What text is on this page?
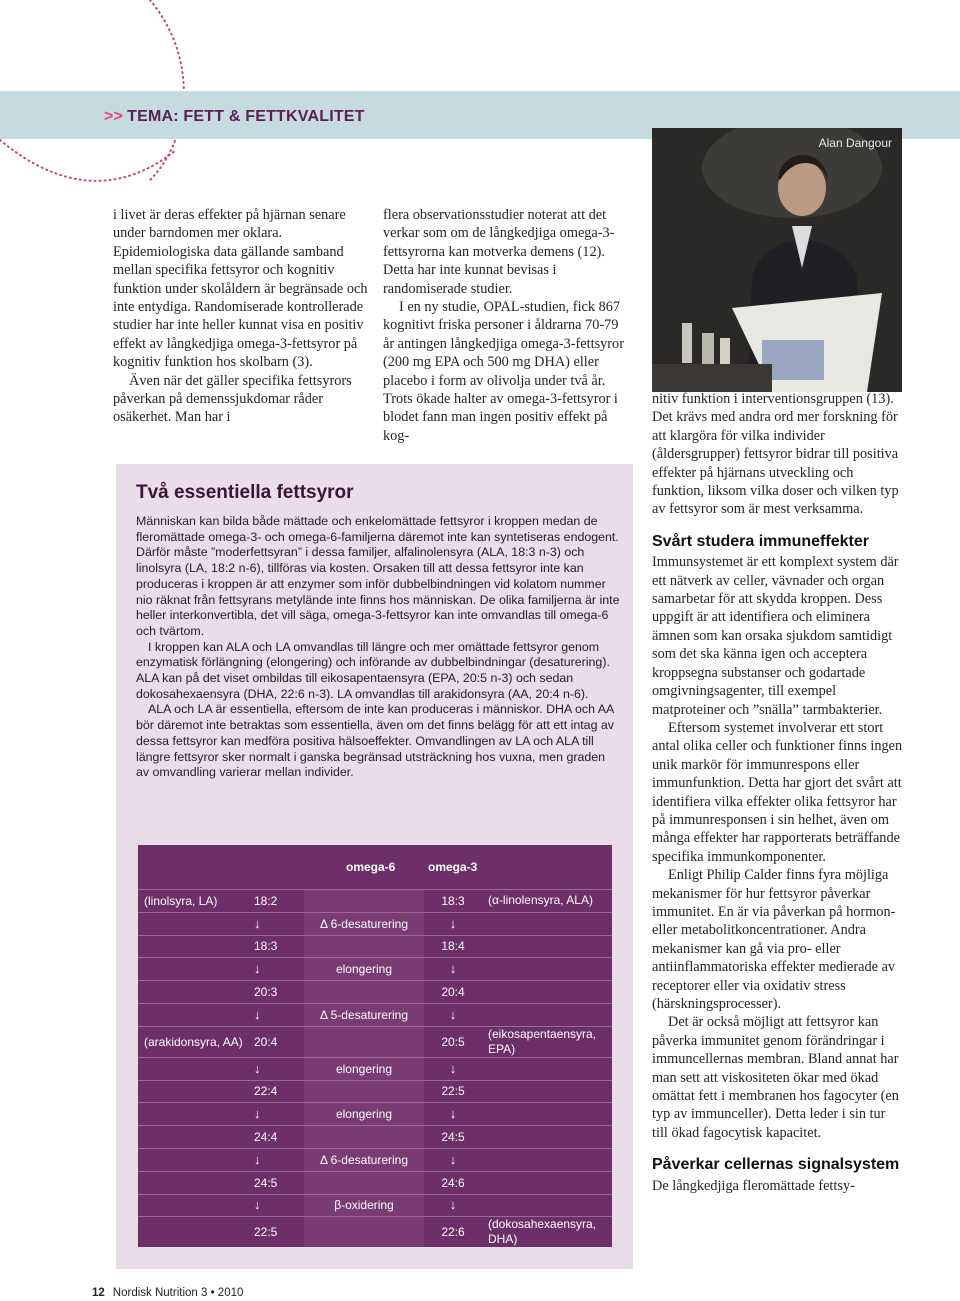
>> TEMA: FETT & FETTKVALITET
Alan Dangour

i livet är deras effekter på hjärnan senare under barndomen mer oklara. Epidemiologiska data gällande samband mellan specifika fettsyror och kognitiv funktion under skolåldern är begränsade och inte entydiga. Randomiserade kontrollerade studier har inte heller kunnat visa en positiv effekt av långkedjiga omega-3-fettsyror på kognitiv funktion hos skolbarn (3).

Även när det gäller specifika fettsyrors påverkan på demenssjukdomar råder osäkerhet. Man har i

flera observationsstudier noterat att det verkar som om de långkedjiga omega-3-fettsyrorna kan motverka demens (12). Detta har inte kunnat bevisas i randomiserade studier.

I en ny studie, OPAL-studien, fick 867 kognitivt friska personer i åldrarna 70-79 år antingen långkedjiga omega-3-fettsyror (200 mg EPA och 500 mg DHA) eller placebo i form av olivolja under två år. Trots ökade halter av omega-3-fettsyror i blodet fann man ingen positiv effekt på kog-

nitiv funktion i interventionsgruppen (13). Det krävs med andra ord mer forskning för att klargöra för vilka individer (åldersgrupper) fettsyror bidrar till positiva effekter på hjärnans utveckling och funktion, liksom vilka doser och vilken typ av fettsyror som är mest verksamma.

Svårt studera immuneffekter

Immunsystemet är ett komplext system där ett nätverk av celler, vävnader och organ samarbetar för att skydda kroppen. Dess uppgift är att identifiera och eliminera ämnen som kan orsaka sjukdom samtidigt som det ska känna igen och acceptera kroppsegna substanser och godartade omgivningsagenter, till exempel matproteiner och ”snälla” tarmbakterier.

Eftersom systemet involverar ett stort antal olika celler och funktioner finns ingen unik markör för immunrespons eller immunfunktion. Detta har gjort det svårt att identifiera vilka effekter olika fettsyror har på immunresponsen i sin helhet, även om många effekter har rapporterats beträffande specifika immunkomponenter.

Enligt Philip Calder finns fyra möjliga mekanismer för hur fettsyror påverkar immunitet. En är via påverkan på hormon- eller metabolitkoncentrationer. Andra mekanismer kan gå via pro- eller antiinflammatoriska effekter medierade av receptorer eller via oxidativ stress (härskningsprocesser).

Det är också möjligt att fettsyror kan påverka immunitet genom förändringar i immuncellernas membran. Bland annat har man sett att viskositeten ökar med ökad omättat fett i membranen hos fagocyter (en typ av immunceller). Detta leder i sin tur till ökad fagocytisk kapacitet.

Påverkar cellernas signalsystem

De långkedjiga fleromättade fettsy-

Två essentiella fettsyror

Människan kan bilda både mättade och enkelomättade fettsyror i kroppen medan de fleromättade omega-3- och omega-6-familjerna däremot inte kan syntetiseras endogent. Därför måste ”moderfettsyran” i dessa familjer, alfalinolensyra (ALA, 18:3 n-3) och linolsyra (LA, 18:2 n-6), tillföras via kosten. Orsaken till att dessa fettsyror inte kan produceras i kroppen är att enzymer som inför dubbelbindningen vid kolatom nummer nio räknat från fettsyrans metylände inte finns hos människan. De olika familjerna är inte heller interkonvertibla, det vill säga, omega-3-fettsyror kan inte omvandlas till omega-6 och tvärtom.

I kroppen kan ALA och LA omvandlas till längre och mer omättade fettsyror genom enzymatisk förlängning (elongering) och införande av dubbelbindningar (desaturering). ALA kan på det viset ombildas till eikosapentaensyra (EPA, 20:5 n-3) och sedan dokosahexaensyra (DHA, 22:6 n-3). LA omvandlas till arakidonsyra (AA, 20:4 n-6).

ALA och LA är essentiella, eftersom de inte kan produceras i människor. DHA och AA bör däremot inte betraktas som essentiella, även om det finns belägg för att ett intag av dessa fettsyror kan medföra positiva hälsoeffekter. Omvandlingen av LA och ALA till längre fettsyror sker normalt i ganska begränsad utsträckning hos vuxna, men graden av omvandling varierar mellan individer.

	omega-6		omega-3	
(linolsyra, LA)	18:2		18:3	(α-linolensyra, ALA)
	↓	Δ 6-desaturering	↓	
	18:3		18:4	
	↓	elongering	↓	
	20:3		20:4	
	↓	Δ 5-desaturering	↓	
(arakidonsyra, AA)	20:4		20:5	(eikosapentaensyra, EPA)
	↓	elongering	↓	
	22:4		22:5	
	↓	elongering	↓	
	24:4		24:5	
	↓	Δ 6-desaturering	↓	
	24:5		24:6	
	↓	β-oxidering	↓	
	22:5		22:6	(dokosahexaensyra, DHA)
12 Nordisk Nutrition 3 • 2010
